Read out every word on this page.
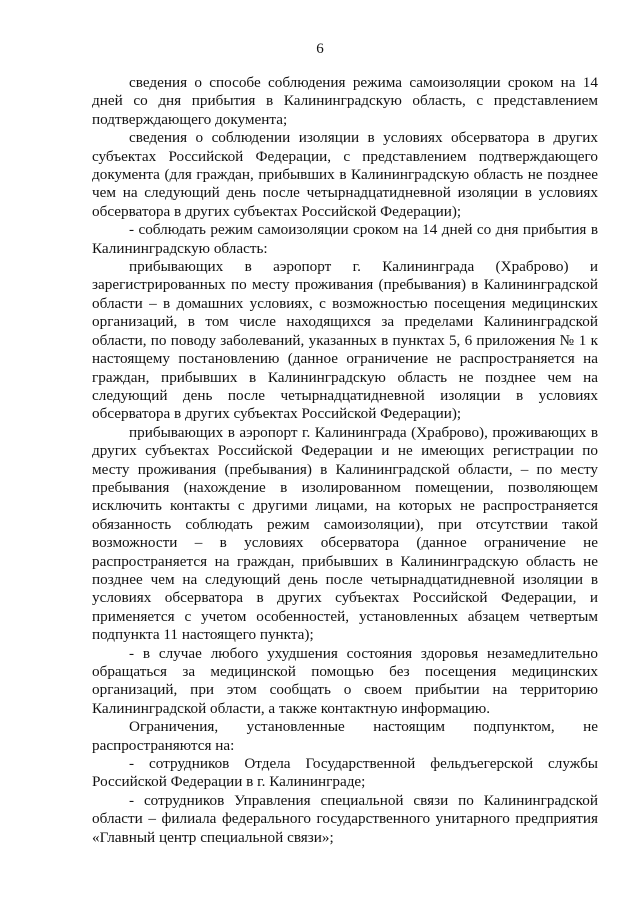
6

сведения о способе соблюдения режима самоизоляции сроком на 14 дней со дня прибытия в Калининградскую область, с представлением подтверждающего документа;

сведения о соблюдении изоляции в условиях обсерватора в других субъектах Российской Федерации, с представлением подтверждающего документа (для граждан, прибывших в Калининградскую область не позднее чем на следующий день после четырнадцатидневной изоляции в условиях обсерватора в других субъектах Российской Федерации);

- соблюдать режим самоизоляции сроком на 14 дней со дня прибытия в Калининградскую область:

прибывающих в аэропорт г. Калининграда (Храброво) и зарегистрированных по месту проживания (пребывания) в Калининградской области – в домашних условиях, с возможностью посещения медицинских организаций, в том числе находящихся за пределами Калининградской области, по поводу заболеваний, указанных в пунктах 5, 6 приложения № 1 к настоящему постановлению (данное ограничение не распространяется на граждан, прибывших в Калининградскую область не позднее чем на следующий день после четырнадцатидневной изоляции в условиях обсерватора в других субъектах Российской Федерации);

прибывающих в аэропорт г. Калининграда (Храброво), проживающих в других субъектах Российской Федерации и не имеющих регистрации по месту проживания (пребывания) в Калининградской области, – по месту пребывания (нахождение в изолированном помещении, позволяющем исключить контакты с другими лицами, на которых не распространяется обязанность соблюдать режим самоизоляции), при отсутствии такой возможности – в условиях обсерватора (данное ограничение не распространяется на граждан, прибывших в Калининградскую область не позднее чем на следующий день после четырнадцатидневной изоляции в условиях обсерватора в других субъектах Российской Федерации, и применяется с учетом особенностей, установленных абзацем четвертым подпункта 11 настоящего пункта);

- в случае любого ухудшения состояния здоровья незамедлительно обращаться за медицинской помощью без посещения медицинских организаций, при этом сообщать о своем прибытии на территорию Калининградской области, а также контактную информацию.

Ограничения, установленные настоящим подпунктом, не распространяются на:

- сотрудников Отдела Государственной фельдъегерской службы Российской Федерации в г. Калининграде;

- сотрудников Управления специальной связи по Калининградской области – филиала федерального государственного унитарного предприятия «Главный центр специальной связи»;
